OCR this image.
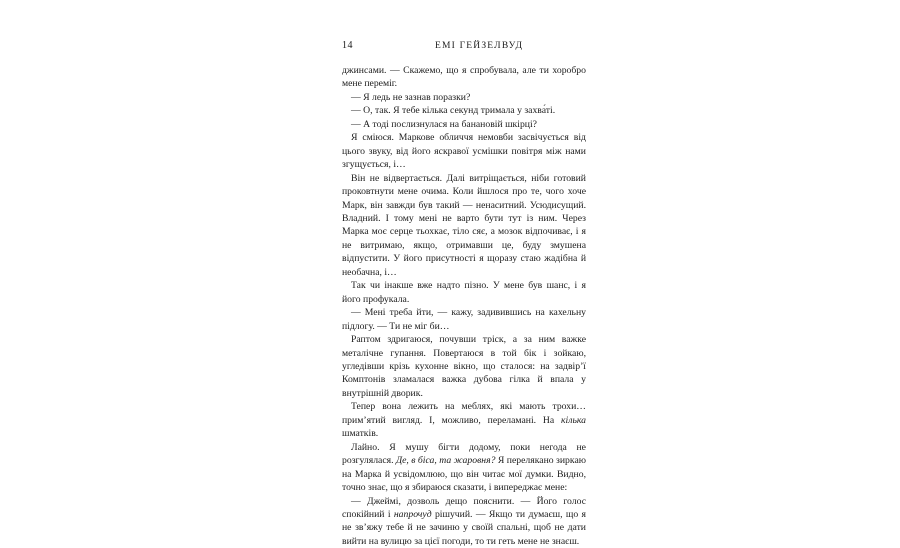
14	ЕМІ ГЕЙЗЕЛВУД

джинсами. — Скажемо, що я спробувала, але ти хоробро мене переміг.

— Я ледь не зазнав поразки?

— О, так. Я тебе кілька секунд тримала у захва́ті.

— А тоді послизнулася на банановій шкірці?

Я сміюся. Маркове обличчя немовби засвічується від цього звуку, від його яскравої усмішки повітря між нами згущується, і…

Він не відвертається. Далі витріщається, ніби готовий проковтнути мене очима. Коли йшлося про те, чого хоче Марк, він завжди був такий — ненаситний. Усюдисущий. Владний. І тому мені не варто бути тут із ним. Через Марка моє серце тьохкає, тіло сяє, а мозок відпочиває, і я не витримаю, якщо, отримавши це, буду змушена відпустити. У його присутності я щоразу стаю жадібна й необачна, і…

Так чи інакше вже надто пізно. У мене був шанс, і я його профукала.

— Мені треба йти, — кажу, задивившись на кахельну підлогу. — Ти не міг би…

Раптом здригаюся, почувши тріск, а за ним важке металічне гупання. Повертаюся в той бік і зойкаю, угледівши крізь кухонне вікно, що сталося: на задвір’ї Комптонів зламалася важка дубова гілка й впала у внутрішній дворик.

Тепер вона лежить на меблях, які мають трохи… прим’ятий вигляд. І, можливо, переламані. На кілька шматків.

Лайно. Я мушу бігти додому, поки негода не розгулялася. Де, в біса, та жаровня? Я перелякано зиркаю на Марка й усвідомлюю, що він читає мої думки. Видно, точно знає, що я збираюся сказати, і випереджає мене:

— Джеймі, дозволь дещо пояснити. — Його голос спокійний і напрочуд рішучий. — Якщо ти думаєш, що я не зв’яжу тебе й не зачиню у своїй спальні, щоб не дати вийти на вулицю за цієї погоди, то ти геть мене не знаєш.
